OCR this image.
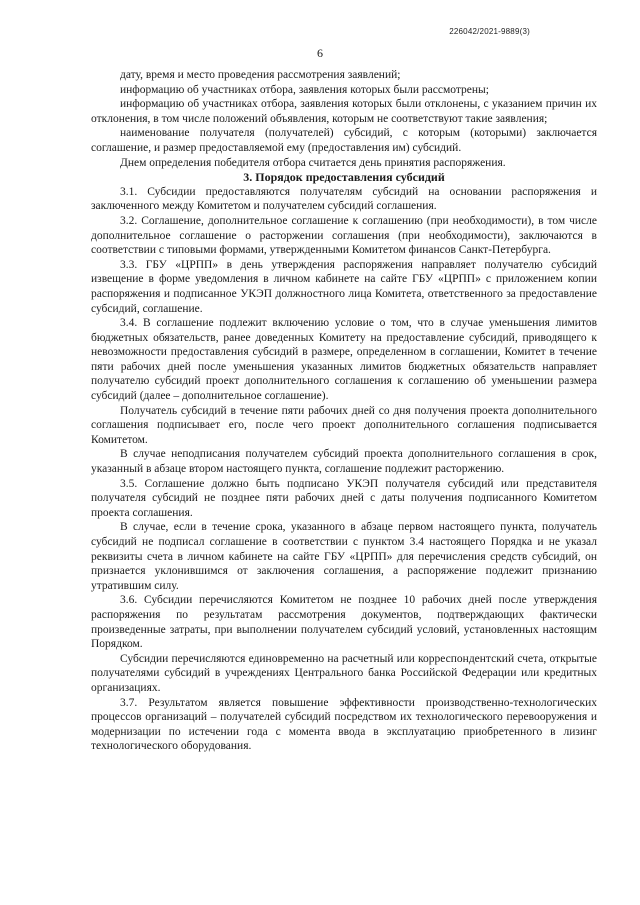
226042/2021-9889(3)
6

дату, время и место проведения рассмотрения заявлений;

информацию об участниках отбора, заявления которых были рассмотрены;

информацию об участниках отбора, заявления которых были отклонены, с указанием причин их отклонения, в том числе положений объявления, которым не соответствуют такие заявления;

наименование получателя (получателей) субсидий, с которым (которыми) заключается соглашение, и размер предоставляемой ему (предоставления им) субсидий.

Днем определения победителя отбора считается день принятия распоряжения.

3. Порядок предоставления субсидий

3.1. Субсидии предоставляются получателям субсидий на основании распоряжения и заключенного между Комитетом и получателем субсидий соглашения.

3.2. Соглашение, дополнительное соглашение к соглашению (при необходимости), в том числе дополнительное соглашение о расторжении соглашения (при необходимости), заключаются в соответствии с типовыми формами, утвержденными Комитетом финансов Санкт-Петербурга.

3.3. ГБУ «ЦРПП» в день утверждения распоряжения направляет получателю субсидий извещение в форме уведомления в личном кабинете на сайте ГБУ «ЦРПП» с приложением копии распоряжения и подписанное УКЭП должностного лица Комитета, ответственного за предоставление субсидий, соглашение.

3.4. В соглашение подлежит включению условие о том, что в случае уменьшения лимитов бюджетных обязательств, ранее доведенных Комитету на предоставление субсидий, приводящего к невозможности предоставления субсидий в размере, определенном в соглашении, Комитет в течение пяти рабочих дней после уменьшения указанных лимитов бюджетных обязательств направляет получателю субсидий проект дополнительного соглашения к соглашению об уменьшении размера субсидий (далее – дополнительное соглашение).

Получатель субсидий в течение пяти рабочих дней со дня получения проекта дополнительного соглашения подписывает его, после чего проект дополнительного соглашения подписывается Комитетом.

В случае неподписания получателем субсидий проекта дополнительного соглашения в срок, указанный в абзаце втором настоящего пункта, соглашение подлежит расторжению.

3.5. Соглашение должно быть подписано УКЭП получателя субсидий или представителя получателя субсидий не позднее пяти рабочих дней с даты получения подписанного Комитетом проекта соглашения.

В случае, если в течение срока, указанного в абзаце первом настоящего пункта, получатель субсидий не подписал соглашение в соответствии с пунктом 3.4 настоящего Порядка и не указал реквизиты счета в личном кабинете на сайте ГБУ «ЦРПП» для перечисления средств субсидий, он признается уклонившимся от заключения соглашения, а распоряжение подлежит признанию утратившим силу.

3.6. Субсидии перечисляются Комитетом не позднее 10 рабочих дней после утверждения распоряжения по результатам рассмотрения документов, подтверждающих фактически произведенные затраты, при выполнении получателем субсидий условий, установленных настоящим Порядком.

Субсидии перечисляются единовременно на расчетный или корреспондентский счета, открытые получателями субсидий в учреждениях Центрального банка Российской Федерации или кредитных организациях.

3.7. Результатом является повышение эффективности производственно-технологических процессов организаций – получателей субсидий посредством их технологического перевооружения и модернизации по истечении года с момента ввода в эксплуатацию приобретенного в лизинг технологического оборудования.
